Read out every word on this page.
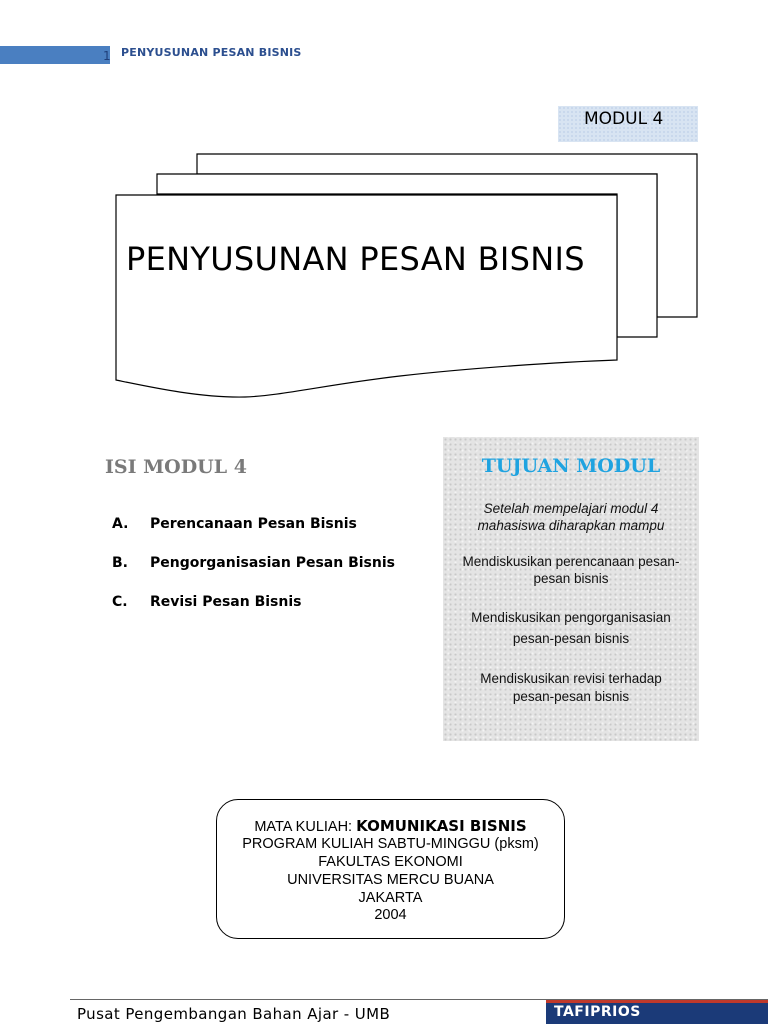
1 PENYUSUNAN PESAN BISNIS
MODUL 4
PENYUSUNAN PESAN BISNIS
ISI MODUL 4
A. Perencanaan Pesan Bisnis
B. Pengorganisasian Pesan Bisnis
C. Revisi Pesan Bisnis
TUJUAN MODUL
Setelah mempelajari modul 4
mahasiswa diharapkan mampu
Mendiskusikan perencanaan pesan-
pesan bisnis
Mendiskusikan pengorganisasian
pesan-pesan bisnis
Mendiskusikan revisi terhadap
pesan-pesan bisnis
MATA KULIAH: KOMUNIKASI BISNIS
PROGRAM KULIAH SABTU-MINGGU (pksm)
FAKULTAS EKONOMI
UNIVERSITAS MERCU BUANA
JAKARTA
2004
Pusat Pengembangan Bahan Ajar - UMB	TAFIPRIOS
